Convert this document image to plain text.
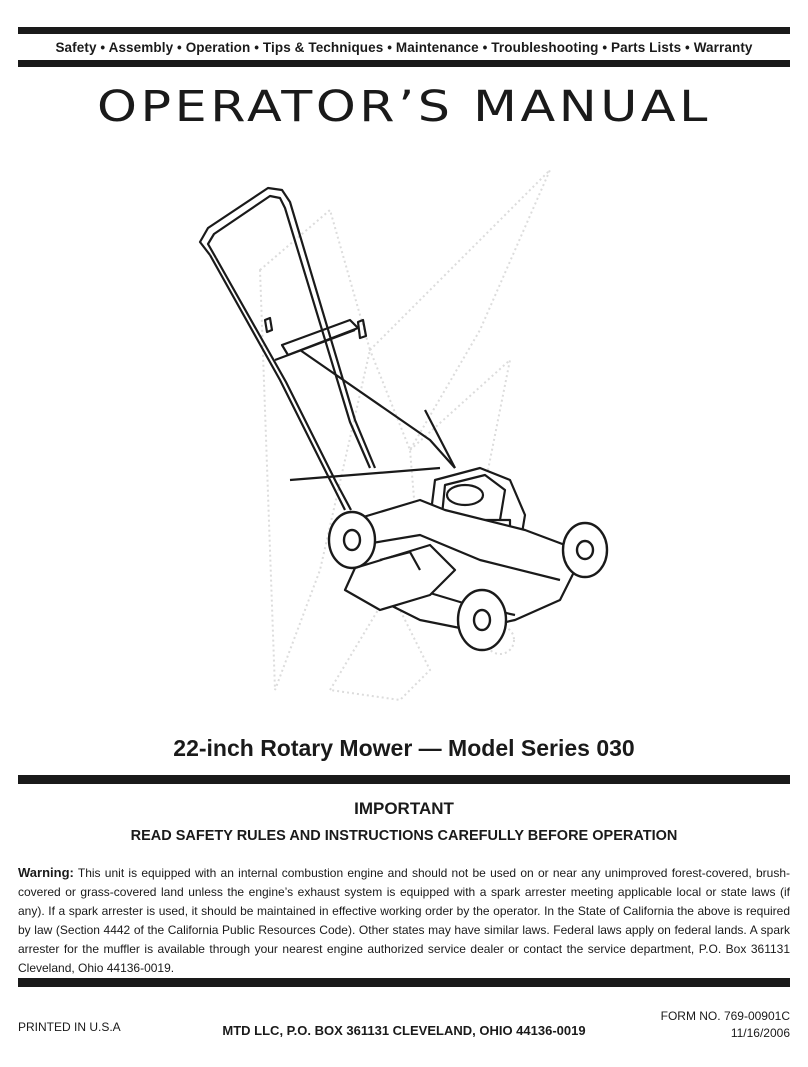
Safety • Assembly • Operation • Tips & Techniques • Maintenance • Troubleshooting • Parts Lists • Warranty
OPERATOR’S MANUAL
22-inch Rotary Mower — Model Series 030
IMPORTANT
READ SAFETY RULES AND INSTRUCTIONS CAREFULLY BEFORE OPERATION
Warning: This unit is equipped with an internal combustion engine and should not be used on or near any unimproved forest-covered, brush-covered or grass-covered land unless the engine’s exhaust system is equipped with a spark arrester meeting applicable local or state laws (if any). If a spark arrester is used, it should be maintained in effective working order by the operator. In the State of California the above is required by law (Section 4442 of the California Public Resources Code). Other states may have similar laws. Federal laws apply on federal lands. A spark arrester for the muffler is available through your nearest engine authorized service dealer or contact the service department, P.O. Box 361131 Cleveland, Ohio 44136-0019.
PRINTED IN U.S.A	MTD LLC, P.O. BOX 361131 CLEVELAND, OHIO 44136-0019
FORM NO. 769-00901C
11/16/2006
